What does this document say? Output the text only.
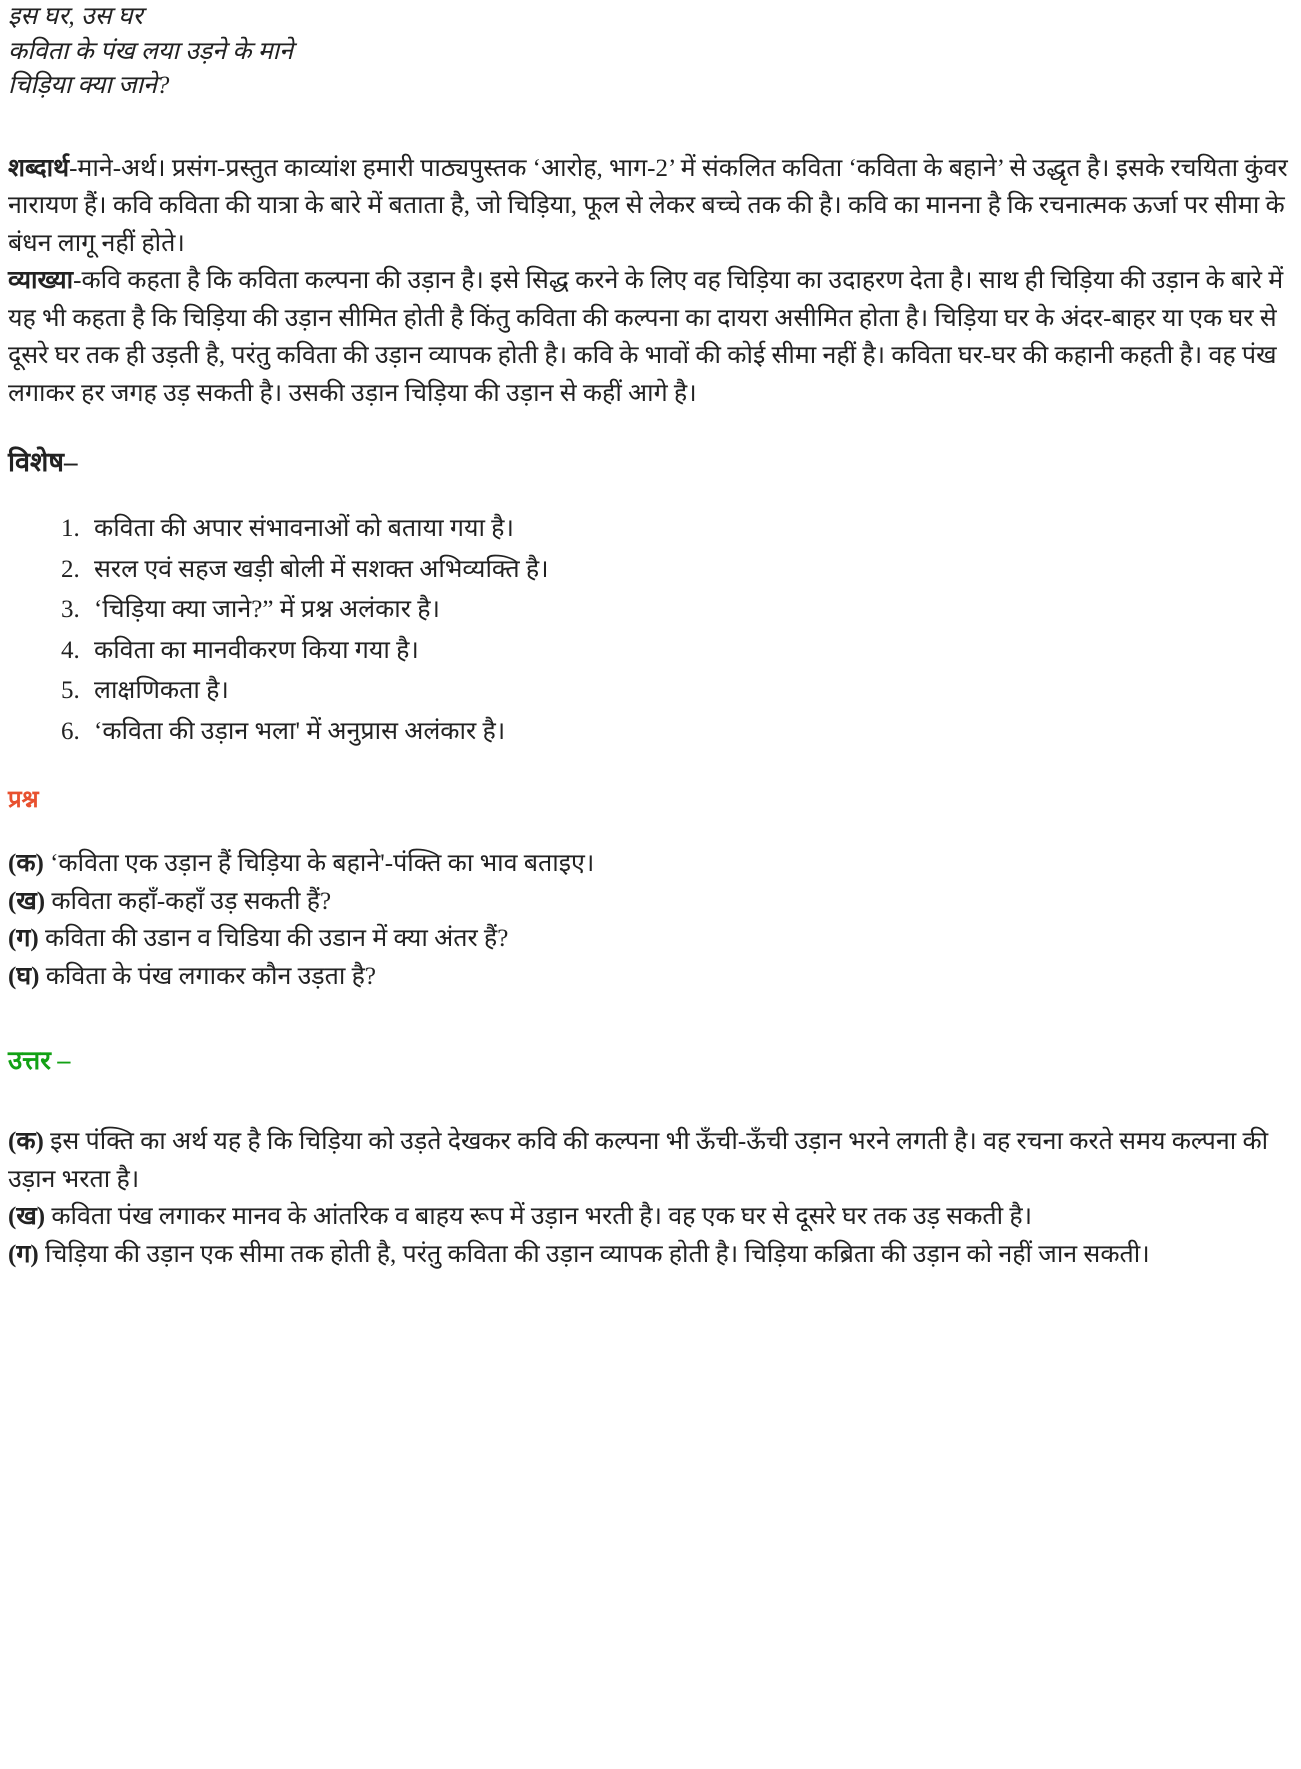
इस घर, उस घर
कविता के पंख लया उड़ने के माने
चिड़िया क्या जाने?

शब्दार्थ-माने-अर्थ। प्रसंग-प्रस्तुत काव्यांश हमारी पाठ्यपुस्तक ‘आरोह, भाग-2’ में संकलित कविता ‘कविता के बहाने’ से उद्धृत है। इसके रचयिता कुंवर नारायण हैं। कवि कविता की यात्रा के बारे में बताता है, जो चिड़िया, फूल से लेकर बच्चे तक की है। कवि का मानना है कि रचनात्मक ऊर्जा पर सीमा के बंधन लागू नहीं होते।

व्याख्या-कवि कहता है कि कविता कल्पना की उड़ान है। इसे सिद्ध करने के लिए वह चिड़िया का उदाहरण देता है। साथ ही चिड़िया की उड़ान के बारे में यह भी कहता है कि चिड़िया की उड़ान सीमित होती है किंतु कविता की कल्पना का दायरा असीमित होता है। चिड़िया घर के अंदर-बाहर या एक घर से दूसरे घर तक ही उड़ती है, परंतु कविता की उड़ान व्यापक होती है। कवि के भावों की कोई सीमा नहीं है। कविता घर-घर की कहानी कहती है। वह पंख लगाकर हर जगह उड़ सकती है। उसकी उड़ान चिड़िया की उड़ान से कहीं आगे है।

विशेष–

1. कविता की अपार संभावनाओं को बताया गया है।
2. सरल एवं सहज खड़ी बोली में सशक्त अभिव्यक्ति है।
3. ‘चिड़िया क्या जाने?” में प्रश्न अलंकार है।
4. कविता का मानवीकरण किया गया है।
5. लाक्षणिकता है।
6. ‘कविता की उड़ान भला' में अनुप्रास अलंकार है।

प्रश्न

(क) ‘कविता एक उड़ान हैं चिड़िया के बहाने'-पंक्ति का भाव बताइए।

(ख) कविता कहाँ-कहाँ उड़ सकती हैं?

(ग) कविता की उडान व चिडिया की उडान में क्या अंतर हैं?

(घ) कविता के पंख लगाकर कौन उड़ता है?

उत्तर –

(क) इस पंक्ति का अर्थ यह है कि चिड़िया को उड़ते देखकर कवि की कल्पना भी ऊँची-ऊँची उड़ान भरने लगती है। वह रचना करते समय कल्पना की उड़ान भरता है।

(ख) कविता पंख लगाकर मानव के आंतरिक व बाहय रूप में उड़ान भरती है। वह एक घर से दूसरे घर तक उड़ सकती है।

(ग) चिड़िया की उड़ान एक सीमा तक होती है, परंतु कविता की उड़ान व्यापक होती है। चिड़िया कब्रिता की उड़ान को नहीं जान सकती।
